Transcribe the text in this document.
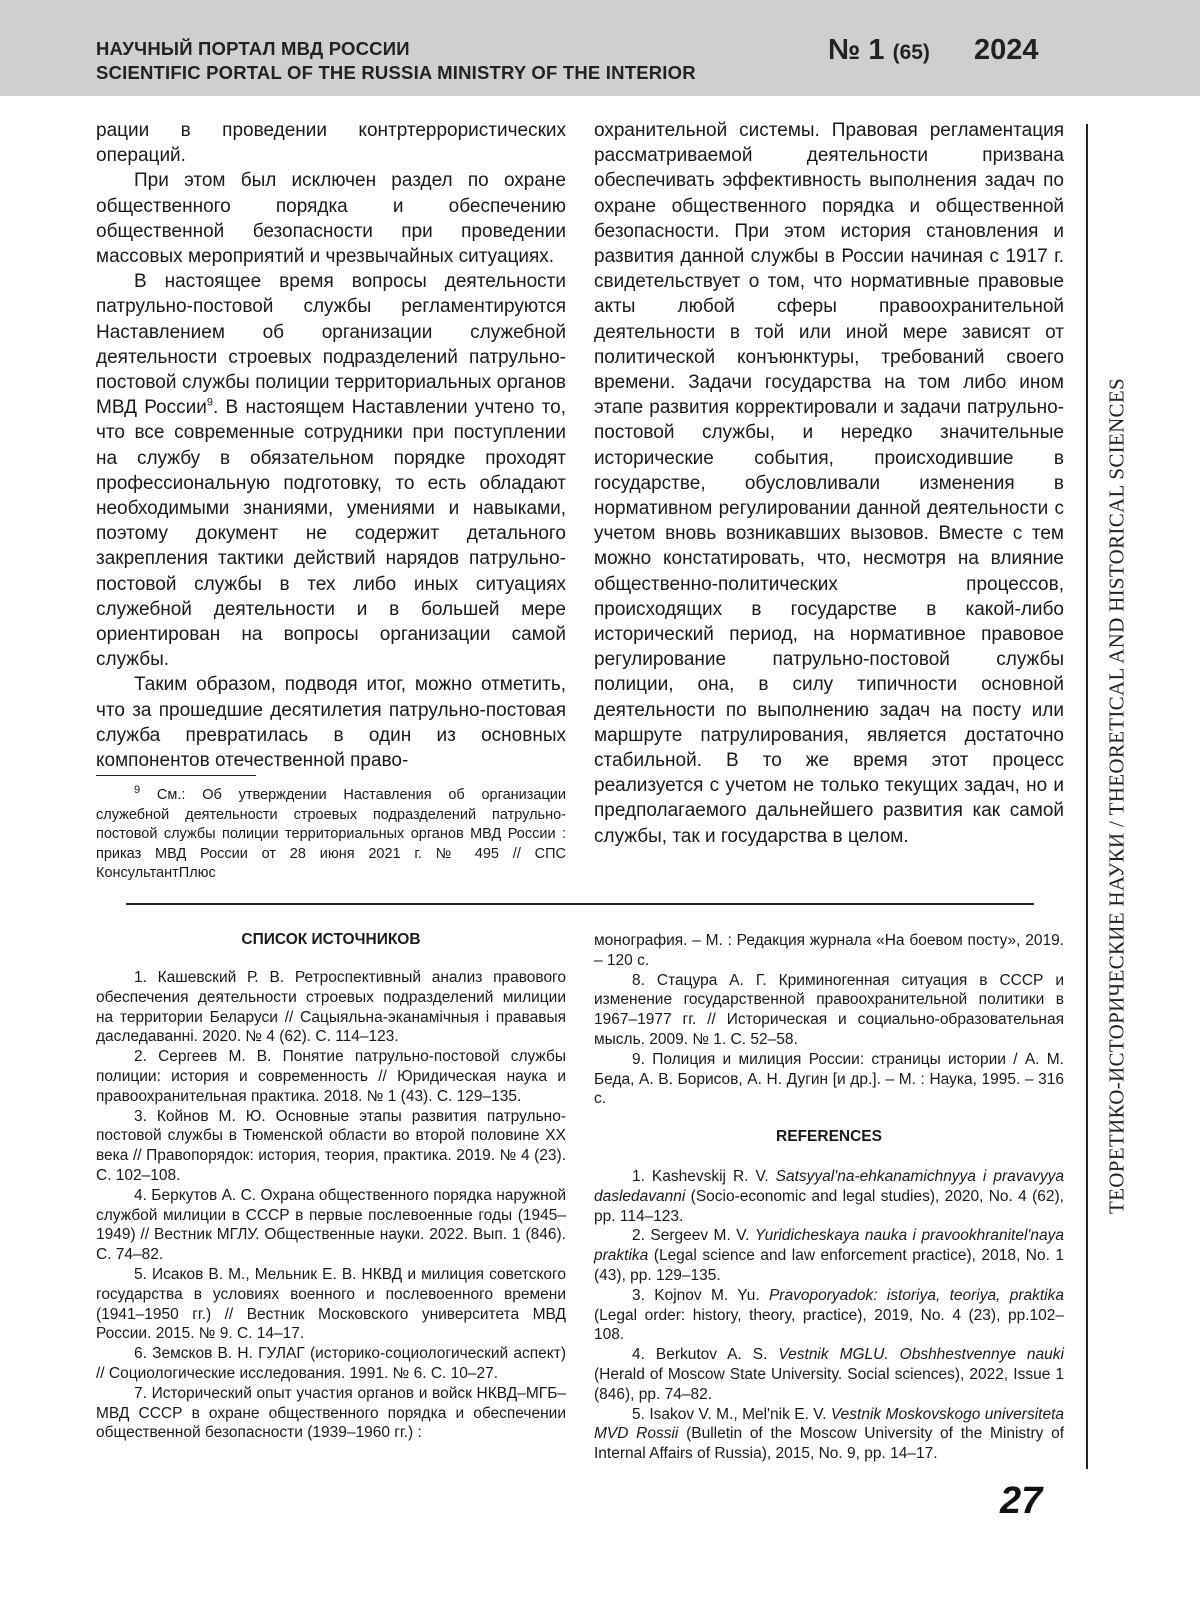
НАУЧНЫЙ ПОРТАЛ МВД РОССИИ
SCIENTIFIC PORTAL OF THE RUSSIA MINISTRY OF THE INTERIOR
№ 1 (65) 2024

рации в проведении контртеррористических операций.

При этом был исключен раздел по охране общественного порядка и обеспечению общественной безопасности при проведении массовых мероприятий и чрезвычайных ситуациях.

В настоящее время вопросы деятельности патрульно-постовой службы регламентируются Наставлением об организации служебной деятельности строевых подразделений патрульно-постовой службы полиции территориальных органов МВД России$^9$. В настоящем Наставлении учтено то, что все современные сотрудники при поступлении на службу в обязательном порядке проходят профессиональную подготовку, то есть обладают необходимыми знаниями, умениями и навыками, поэтому документ не содержит детального закрепления тактики действий нарядов патрульно-постовой службы в тех либо иных ситуациях служебной деятельности и в большей мере ориентирован на вопросы организации самой службы.

Таким образом, подводя итог, можно отметить, что за прошедшие десятилетия патрульно-постовая служба превратилась в один из основных компонентов отечественной право-

охранительной системы. Правовая регламентация рассматриваемой деятельности призвана обеспечивать эффективность выполнения задач по охране общественного порядка и общественной безопасности. При этом история становления и развития данной службы в России начиная с 1917 г. свидетельствует о том, что нормативные правовые акты любой сферы правоохранительной деятельности в той или иной мере зависят от политической конъюнктуры, требований своего времени. Задачи государства на том либо ином этапе развития корректировали и задачи патрульно-постовой службы, и нередко значительные исторические события, происходившие в государстве, обусловливали изменения в нормативном регулировании данной деятельности с учетом вновь возникавших вызовов. Вместе с тем можно констатировать, что, несмотря на влияние общественно-политических процессов, происходящих в государстве в какой-либо исторический период, на нормативное правовое регулирование патрульно-постовой службы полиции, она, в силу типичности основной деятельности по выполнению задач на посту или маршруте патрулирования, является достаточно стабильной. В то же время этот процесс реализуется с учетом не только текущих задач, но и предполагаемого дальнейшего развития как самой службы, так и государства в целом.

$^9$ См.: Об утверждении Наставления об организации служебной деятельности строевых подразделений патрульно-постовой службы полиции территориальных органов МВД России : приказ МВД России от 28 июня 2021 г. № 495 // СПС КонсультантПлюс
СПИСОК ИСТОЧНИКОВ

1. Кашевский Р. В. Ретроспективный анализ правового обеспечения деятельности строевых подразделений милиции на территории Беларуси // Сацыяльна-эканамічныя і прававыя даследаванні. 2020. № 4 (62). С. 114–123.

2. Сергеев М. В. Понятие патрульно-постовой службы полиции: история и современность // Юридическая наука и правоохранительная практика. 2018. № 1 (43). С. 129–135.

3. Койнов М. Ю. Основные этапы развития патрульно-постовой службы в Тюменской области во второй половине XX века // Правопорядок: история, теория, практика. 2019. № 4 (23). С. 102–108.

4. Беркутов А. С. Охрана общественного порядка наружной службой милиции в СССР в первые послевоенные годы (1945–1949) // Вестник МГЛУ. Общественные науки. 2022. Вып. 1 (846). С. 74–82.

5. Исаков В. М., Мельник Е. В. НКВД и милиция советского государства в условиях военного и послевоенного времени (1941–1950 гг.) // Вестник Московского университета МВД России. 2015. № 9. С. 14–17.

6. Земсков В. Н. ГУЛАГ (историко-социологический аспект) // Социологические исследования. 1991. № 6. С. 10–27.

7. Исторический опыт участия органов и войск НКВД–МГБ–МВД СССР в охране общественного порядка и обеспечении общественной безопасности (1939–1960 гг.) :

монография. – М. : Редакция журнала «На боевом посту», 2019. – 120 с.

8. Стацура А. Г. Криминогенная ситуация в СССР и изменение государственной правоохранительной политики в 1967–1977 гг. // Историческая и социально-образовательная мысль. 2009. № 1. С. 52–58.

9. Полиция и милиция России: страницы истории / А. М. Беда, А. В. Борисов, А. Н. Дугин [и др.]. – М. : Наука, 1995. – 316 с.

REFERENCES

1. Kashevskij R. V. Satsyyal'na-ehkanamichnyya i pravavyya dasledavanni (Socio-economic and legal studies), 2020, No. 4 (62), pp. 114–123.

2. Sergeev M. V. Yuridicheskaya nauka i pravookhranitel'naya praktika (Legal science and law enforcement practice), 2018, No. 1 (43), pp. 129–135.

3. Kojnov M. Yu. Pravoporyadok: istoriya, teoriya, praktika (Legal order: history, theory, practice), 2019, No. 4 (23), pp.102–108.

4. Berkutov A. S. Vestnik MGLU. Obshhestvennye nauki (Herald of Moscow State University. Social sciences), 2022, Issue 1 (846), pp. 74–82.

5. Isakov V. M., Mel'nik E. V. Vestnik Moskovskogo universiteta MVD Rossii (Bulletin of the Moscow University of the Ministry of Internal Affairs of Russia), 2015, No. 9, pp. 14–17.

ТЕОРЕТИКО-ИСТОРИЧЕСКИЕ НАУКИ / THEORETICAL AND HISTORICAL SCIENCES
27
